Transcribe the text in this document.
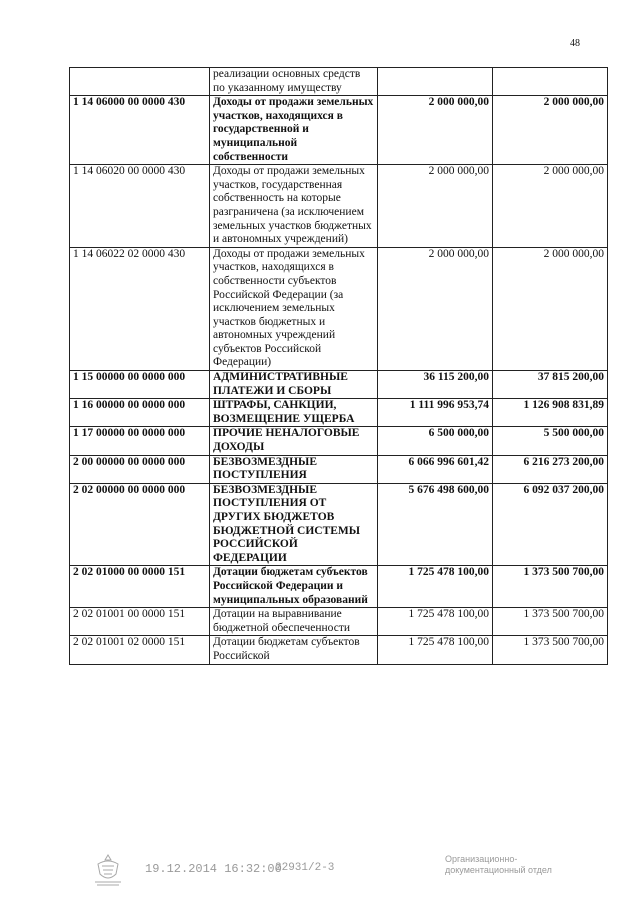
48
	реализации основных средств по указанному имуществу		
1 14 06000 00 0000 430	Доходы от продажи земельных участков, находящихся в государственной и муниципальной собственности	2 000 000,00	2 000 000,00
1 14 06020 00 0000 430	Доходы от продажи земельных участков, государственная собственность на которые разграничена (за исключением земельных участков бюджетных и автономных учреждений)	2 000 000,00	2 000 000,00
1 14 06022 02 0000 430	Доходы от продажи земельных участков, находящихся в собственности субъектов Российской Федерации (за исключением земельных участков бюджетных и автономных учреждений субъектов Российской Федерации)	2 000 000,00	2 000 000,00
1 15 00000 00 0000 000	АДМИНИСТРАТИВНЫЕ ПЛАТЕЖИ И СБОРЫ	36 115 200,00	37 815 200,00
1 16 00000 00 0000 000	ШТРАФЫ, САНКЦИИ, ВОЗМЕЩЕНИЕ УЩЕРБА	1 111 996 953,74	1 126 908 831,89
1 17 00000 00 0000 000	ПРОЧИЕ НЕНАЛОГОВЫЕ ДОХОДЫ	6 500 000,00	5 500 000,00
2 00 00000 00 0000 000	БЕЗВОЗМЕЗДНЫЕ ПОСТУПЛЕНИЯ	6 066 996 601,42	6 216 273 200,00
2 02 00000 00 0000 000	БЕЗВОЗМЕЗДНЫЕ ПОСТУПЛЕНИЯ ОТ ДРУГИХ БЮДЖЕТОВ БЮДЖЕТНОЙ СИСТЕМЫ РОССИЙСКОЙ ФЕДЕРАЦИИ	5 676 498 600,00	6 092 037 200,00
2 02 01000 00 0000 151	Дотации бюджетам субъектов Российской Федерации и муниципальных образований	1 725 478 100,00	1 373 500 700,00
2 02 01001 00 0000 151	Дотации на выравнивание бюджетной обеспеченности	1 725 478 100,00	1 373 500 700,00
2 02 01001 02 0000 151	Дотации бюджетам субъектов Российской	1 725 478 100,00	1 373 500 700,00
19.12.2014 16:32:00
32931/2-3
Организационно-
документационный отдел
